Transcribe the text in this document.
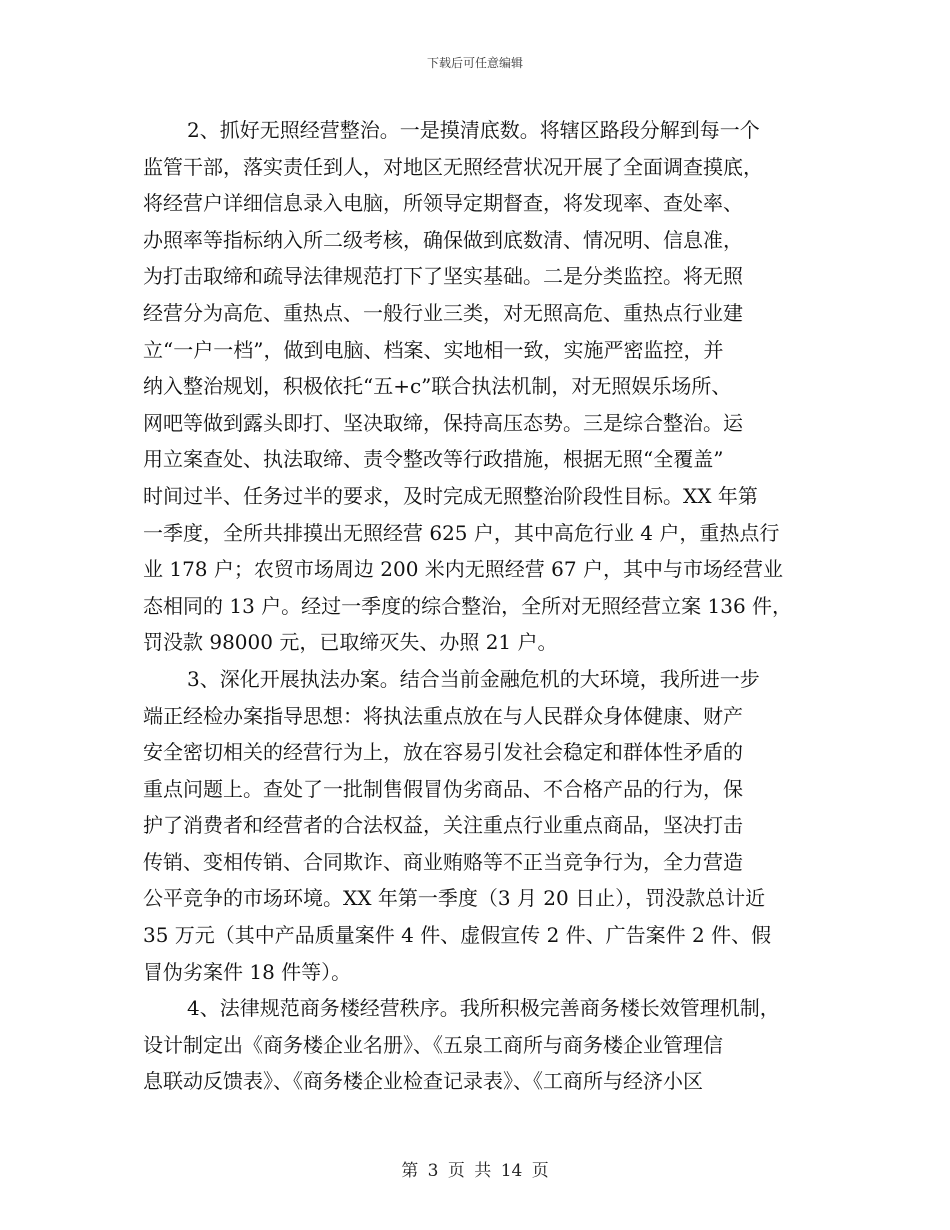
下载后可任意编辑

2、抓好无照经营整治。一是摸清底数。将辖区路段分解到每一个
监管干部，落实责任到人，对地区无照经营状况开展了全面调查摸底，
将经营户详细信息录入电脑，所领导定期督查，将发现率、查处率、
办照率等指标纳入所二级考核，确保做到底数清、情况明、信息准，
为打击取缔和疏导法律规范打下了坚实基础。二是分类监控。将无照
经营分为高危、重热点、一般行业三类，对无照高危、重热点行业建
立“一户一档”，做到电脑、档案、实地相一致，实施严密监控，并
纳入整治规划，积极依托“五+c”联合执法机制，对无照娱乐场所、
网吧等做到露头即打、坚决取缔，保持高压态势。三是综合整治。运
用立案查处、执法取缔、责令整改等行政措施，根据无照“全覆盖”
时间过半、任务过半的要求，及时完成无照整治阶段性目标。XX 年第
一季度，全所共排摸出无照经营 625 户，其中高危行业 4 户，重热点行
业 178 户；农贸市场周边 200 米内无照经营 67 户，其中与市场经营业
态相同的 13 户。经过一季度的综合整治，全所对无照经营立案 136 件，
罚没款 98000 元，已取缔灭失、办照 21 户。

3、深化开展执法办案。结合当前金融危机的大环境，我所进一步
端正经检办案指导思想：将执法重点放在与人民群众身体健康、财产
安全密切相关的经营行为上，放在容易引发社会稳定和群体性矛盾的
重点问题上。查处了一批制售假冒伪劣商品、不合格产品的行为，保
护了消费者和经营者的合法权益，关注重点行业重点商品，坚决打击
传销、变相传销、合同欺诈、商业贿赂等不正当竞争行为，全力营造
公平竞争的市场环境。XX 年第一季度（3 月 20 日止），罚没款总计近
35 万元（其中产品质量案件 4 件、虚假宣传 2 件、广告案件 2 件、假
冒伪劣案件 18 件等）。

4、法律规范商务楼经营秩序。我所积极完善商务楼长效管理机制，
设计制定出《商务楼企业名册》、《五泉工商所与商务楼企业管理信
息联动反馈表》、《商务楼企业检查记录表》、《工商所与经济小区

第 3 页 共 14 页
